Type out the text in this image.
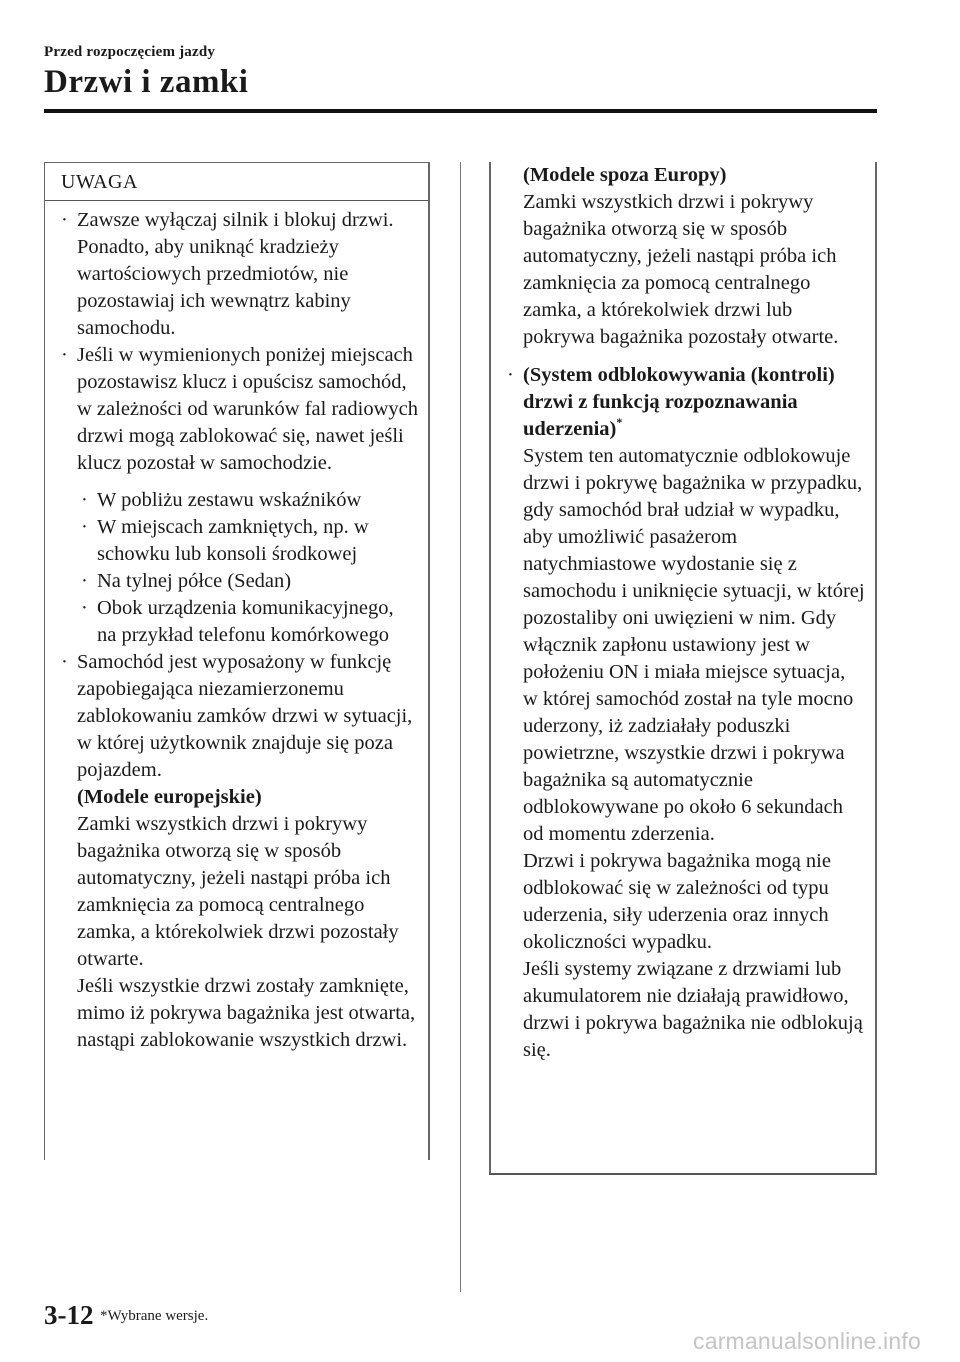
Przed rozpoczęciem jazdy
Drzwi i zamki
UWAGA
· Zawsze wyłączaj silnik i blokuj drzwi. Ponadto, aby uniknąć kradzieży wartościowych przedmiotów, nie pozostawiaj ich wewnątrz kabiny samochodu.
· Jeśli w wymienionych poniżej miejscach pozostawisz klucz i opuścisz samochód, w zależności od warunków fal radiowych drzwi mogą zablokować się, nawet jeśli klucz pozostał w samochodzie.
· W pobliżu zestawu wskaźników
· W miejscach zamkniętych, np. w schowku lub konsoli środkowej
· Na tylnej półce (Sedan)
· Obok urządzenia komunikacyjnego, na przykład telefonu komórkowego
· Samochód jest wyposażony w funkcję zapobiegająca niezamierzonemu zablokowaniu zamków drzwi w sytuacji, w której użytkownik znajduje się poza pojazdem.
(Modele europejskie)
Zamki wszystkich drzwi i pokrywy bagażnika otworzą się w sposób automatyczny, jeżeli nastąpi próba ich zamknięcia za pomocą centralnego zamka, a którekolwiek drzwi pozostały otwarte.
Jeśli wszystkie drzwi zostały zamknięte, mimo iż pokrywa bagażnika jest otwarta, nastąpi zablokowanie wszystkich drzwi.
(Modele spoza Europy)
Zamki wszystkich drzwi i pokrywy bagażnika otworzą się w sposób automatyczny, jeżeli nastąpi próba ich zamknięcia za pomocą centralnego zamka, a którekolwiek drzwi lub pokrywa bagażnika pozostały otwarte.
· (System odblokowywania (kontroli) drzwi z funkcją rozpoznawania uderzenia)*
System ten automatycznie odblokowuje drzwi i pokrywę bagażnika w przypadku, gdy samochód brał udział w wypadku, aby umożliwić pasażerom natychmiastowe wydostanie się z samochodu i uniknięcie sytuacji, w której pozostaliby oni uwięzieni w nim. Gdy włącznik zapłonu ustawiony jest w położeniu ON i miała miejsce sytuacja, w której samochód został na tyle mocno uderzony, iż zadziałały poduszki powietrzne, wszystkie drzwi i pokrywa bagażnika są automatycznie odblokowywane po około 6 sekundach od momentu zderzenia.
Drzwi i pokrywa bagażnika mogą nie odblokować się w zależności od typu uderzenia, siły uderzenia oraz innych okoliczności wypadku.
Jeśli systemy związane z drzwiami lub akumulatorem nie działają prawidłowo, drzwi i pokrywa bagażnika nie odblokują się.
3-12 *Wybrane wersje.
carmanualsonline.info
